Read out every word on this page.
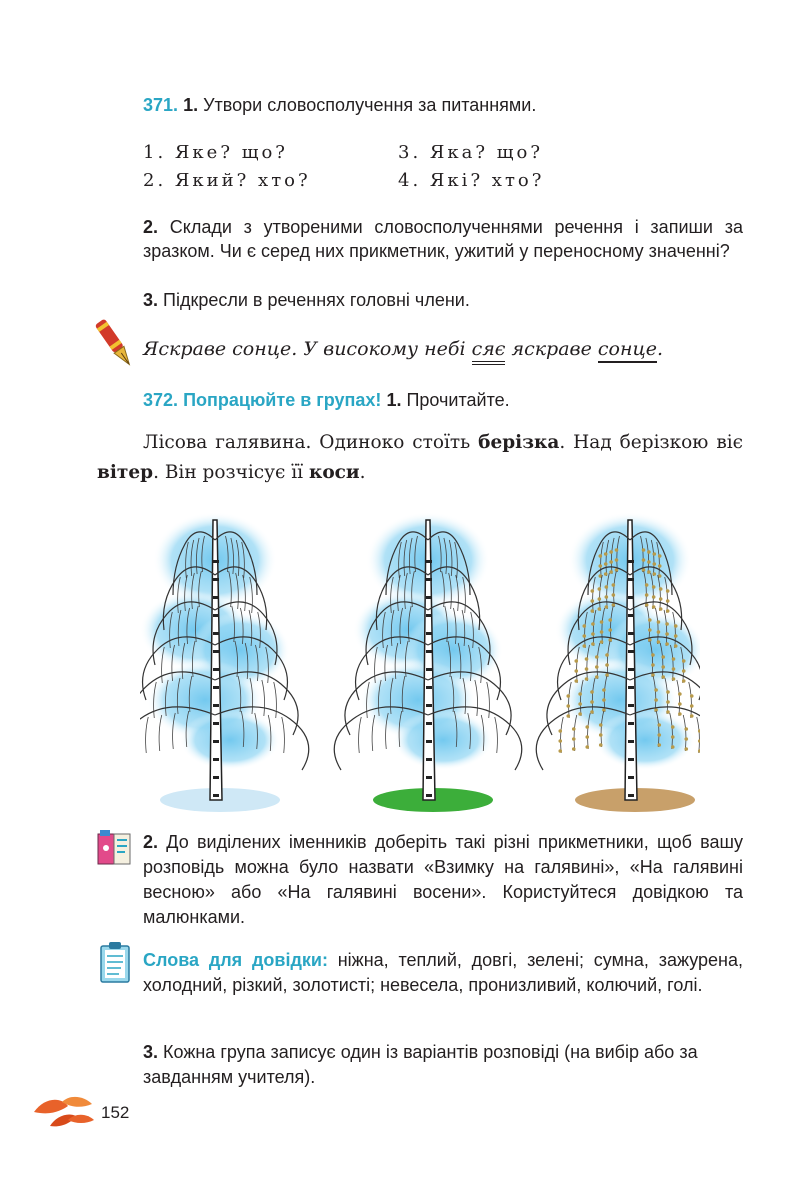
371. 1. Утвори словосполучення за питаннями.
1. Яке? що?
2. Який? хто?
3. Яка? що?
4. Які? хто?
2. Склади з утвореними словосполученнями речення і запиши за зразком. Чи є серед них прикметник, ужитий у переносному значенні?
3. Підкресли в реченнях головні члени.
Яскраве сонце. У високому небі сяє яскраве сонце.
372. Попрацюйте в групах! 1. Прочитайте.
Лісова галявина. Одиноко стоїть берізка. Над берізкою віє вітер. Він розчісує її коси.
2. До виділених іменників доберіть такі різні прикметники, щоб вашу розповідь можна було назвати «Взимку на галявині», «На галявині весною» або «На галявині восени». Користуйтеся довідкою та малюнками.
Слова для довідки: ніжна, теплий, довгі, зелені; сумна, зажурена, холодний, різкий, золотисті; невесела, пронизливий, колючий, голі.
3. Кожна група записує один із варіантів розповіді (на вибір або за завданням учителя).
152
